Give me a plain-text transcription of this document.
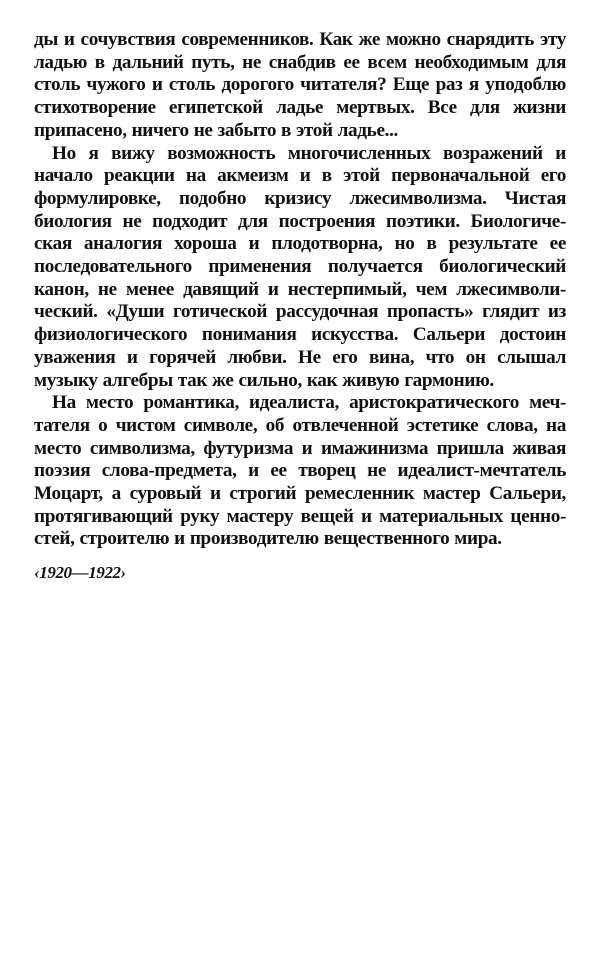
ды и сочувствия современников. Как же можно снарядить эту
ладью в дальний путь, не снабдив ее всем необходимым для
столь чужого и столь дорогого читателя? Еще раз я уподоблю
стихотворение египетской ладье мертвых. Все для жизни
припасено, ничего не забыто в этой ладье...

Но я вижу возможность многочисленных возражений и
начало реакции на акмеизм и в этой первоначальной его
формулировке, подобно кризису лжесимволизма. Чистая
биология не подходит для построения поэтики. Биологиче-
ская аналогия хороша и плодотворна, но в результате ее
последовательного применения получается биологический
канон, не менее давящий и нестерпимый, чем лжесимволи-
ческий. «Души готической рассудочная пропасть» глядит из
физиологического понимания искусства. Сальери достоин
уважения и горячей любви. Не его вина, что он слышал
музыку алгебры так же сильно, как живую гармонию.

На место романтика, идеалиста, аристократического меч-
тателя о чистом символе, об отвлеченной эстетике слова, на
место символизма, футуризма и имажинизма пришла живая
поэзия слова-предмета, и ее творец не идеалист-мечтатель
Моцарт, а суровый и строгий ремесленник мастер Сальери,
протягивающий руку мастеру вещей и материальных ценно-
стей, строителю и производителю вещественного мира.

‹1920—1922›
